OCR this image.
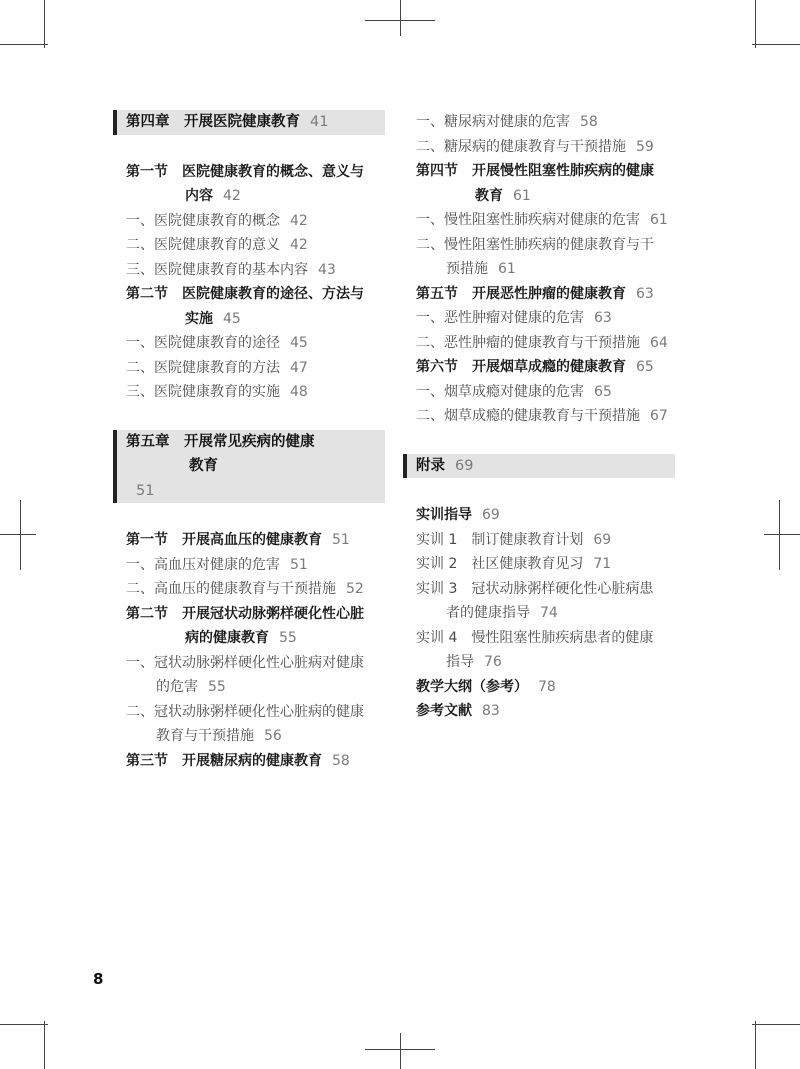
第四章　开展医院健康教育 41
第一节　医院健康教育的概念、意义与
内容 42
一、医院健康教育的概念 42
二、医院健康教育的意义 42
三、医院健康教育的基本内容 43
第二节　医院健康教育的途径、方法与
实施 45
一、医院健康教育的途径 45
二、医院健康教育的方法 47
三、医院健康教育的实施 48
第五章　开展常见疾病的健康

教育
51
第一节　开展高血压的健康教育 51
一、高血压对健康的危害 51
二、高血压的健康教育与干预措施 52
第二节　开展冠状动脉粥样硬化性心脏
病的健康教育 55
一、冠状动脉粥样硬化性心脏病对健康
的危害 55
二、冠状动脉粥样硬化性心脏病的健康
教育与干预措施 56
第三节　开展糖尿病的健康教育 58
一、糖尿病对健康的危害 58
二、糖尿病的健康教育与干预措施 59
第四节　开展慢性阻塞性肺疾病的健康
教育 61
一、慢性阻塞性肺疾病对健康的危害 61
二、慢性阻塞性肺疾病的健康教育与干
预措施 61
第五节　开展恶性肿瘤的健康教育 63
一、恶性肿瘤对健康的危害 63
二、恶性肿瘤的健康教育与干预措施 64
第六节　开展烟草成瘾的健康教育 65
一、烟草成瘾对健康的危害 65
二、烟草成瘾的健康教育与干预措施 67
附录 69
实训指导 69
实训 1　制订健康教育计划 69
实训 2　社区健康教育见习 71
实训 3　冠状动脉粥样硬化性心脏病患
者的健康指导 74
实训 4　慢性阻塞性肺疾病患者的健康
指导 76
教学大纲（参考） 78
参考文献 83
8
